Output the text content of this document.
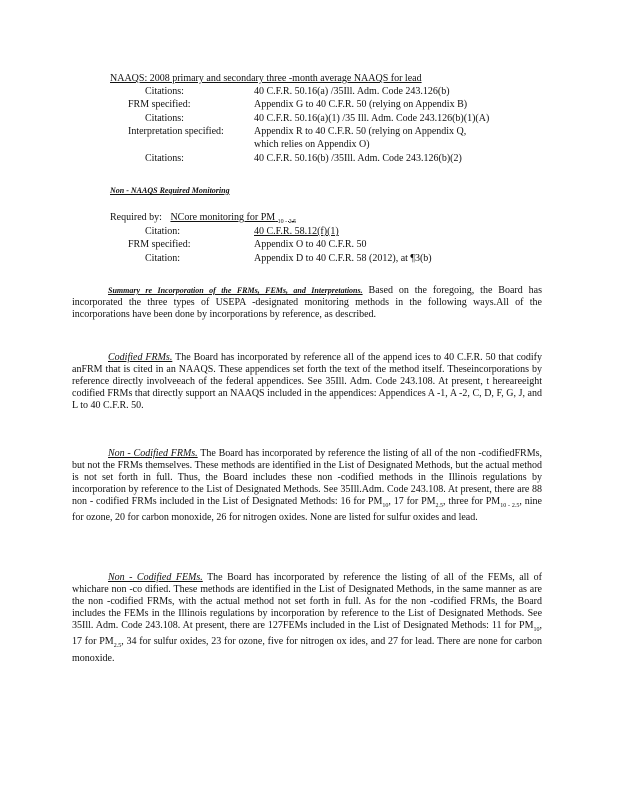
NAAQS: 2008 primary and secondary three -month average NAAQS for lead
Citations:	40 C.F.R. 50.16(a) /35Ill. Adm. Code 243.126(b)
FRM specified:	Appendix G to 40 C.F.R. 50 (relying on Appendix B)
Citations:	40 C.F.R. 50.16(a)(1) /35 Ill. Adm. Code 243.126(b)(1)(A)
Interpretation specified:	Appendix R to 40 C.F.R. 50 (relying on Appendix Q,
which relies on Appendix O)
Citations:	40 C.F.R. 50.16(b) /35Ill. Adm. Code 243.126(b)(2)
Non - NAAQS Required Monitoring
Required by: NCore monitoring for PM $_{10 - 2.5}$
Citation:	40 C.F.R. 58.12(f)(1)
FRM specified:	Appendix O to 40 C.F.R. 50
Citation:	Appendix D to 40 C.F.R. 58 (2012), at ¶3(b)

Summary re Incorporation of the FRMs, FEMs, and Interpretations. Based on the foregoing, the Board has incorporated the three types of USEPA -designated monitoring methods in the following ways.All of the incorporations have been done by incorporations by reference, as described.

Codified FRMs. The Board has incorporated by reference all of the append ices to 40 C.F.R. 50 that codify anFRM that is cited in an NAAQS. These appendices set forth the text of the method itself. Theseincorporations by reference directly involveeach of the federal appendices. See 35Ill. Adm. Code 243.108. At present, t hereareeight codified FRMs that directly support an NAAQS included in the appendices: Appendices A -1, A -2, C, D, F, G, J, and L to 40 C.F.R. 50.

Non - Codified FRMs. The Board has incorporated by reference the listing of all of the non -codifiedFRMs, but not the FRMs themselves. These methods are identified in the List of Designated Methods, but the actual method is not set forth in full. Thus, the Board includes these non -codified methods in the Illinois regulations by incorporation by reference to the List of Designated Methods. See 35Ill.Adm. Code 243.108. At present, there are 88 non - codified FRMs included in the List of Designated Methods: 16 for $PM_{10}$, 17 for $PM_{2.5}$, three for $PM_{10 - 2.5}$, nine for ozone, 20 for carbon monoxide, 26 for nitrogen oxides. None are listed for sulfur oxides and lead.

Non - Codified FEMs. The Board has incorporated by reference the listing of all of the FEMs, all of whichare non -co dified. These methods are identified in the List of Designated Methods, in the same manner as are the non -codified FRMs, with the actual method not set forth in full. As for the non -codified FRMs, the Board includes the FEMs in the Illinois regulations by incorporation by reference to the List of Designated Methods. See 35Ill. Adm. Code 243.108. At present, there are 127FEMs included in the List of Designated Methods: 11 for $PM_{10}$, 17 for $PM_{2.5}$, 34 for sulfur oxides, 23 for ozone, five for nitrogen ox ides, and 27 for lead. There are none for carbon monoxide.
